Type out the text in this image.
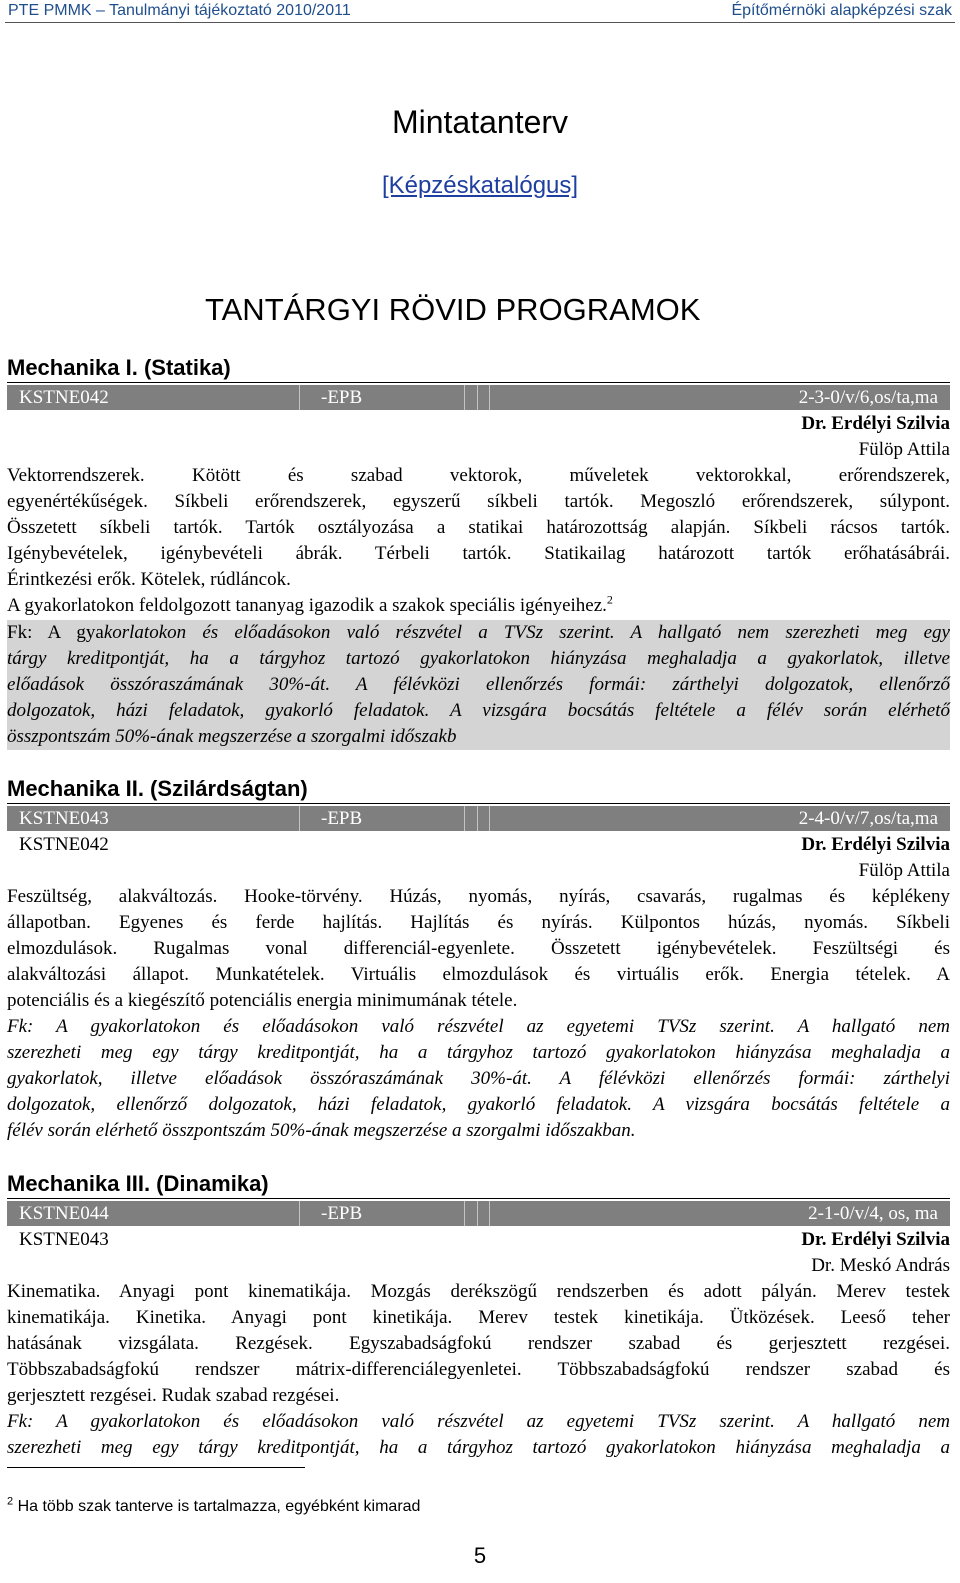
PTE PMMK – Tanulmányi tájékoztató 2010/2011	Építőmérnöki alapképzési szak
Mintatanterv
[Képzéskatalógus]
TANTÁRGYI RÖVID PROGRAMOK
Mechanika I. (Statika)
KSTNE042	-EPB	2-3-0/v/6,os/ta,ma
Dr. Erdélyi Szilvia
Fülöp Attila
Vektorrendszerek. Kötött és szabad vektorok, műveletek vektorokkal, erőrendszerek,
egyenértékűségek. Síkbeli erőrendszerek, egyszerű síkbeli tartók. Megoszló erőrendszerek, súlypont.
Összetett síkbeli tartók. Tartók osztályozása a statikai határozottság alapján. Síkbeli rácsos tartók.
Igénybevételek, igénybevételi ábrák. Térbeli tartók. Statikailag határozott tartók erőhatásábrái.
Érintkezési erők. Kötelek, rúdláncok.
A gyakorlatokon feldolgozott tananyag igazodik a szakok speciális igényeihez.$^2$
Fk: A gyakorlatokon és előadásokon való részvétel a TVSz szerint. A hallgató nem szerezheti meg egy
tárgy kreditpontját, ha a tárgyhoz tartozó gyakorlatokon hiányzása meghaladja a gyakorlatok, illetve
előadások összóraszámának 30%-át. A félévközi ellenőrzés formái: zárthelyi dolgozatok, ellenőrző
dolgozatok, házi feladatok, gyakorló feladatok. A vizsgára bocsátás feltétele a félév során elérhető
összpontszám 50%-ának megszerzése a szorgalmi időszakb
Mechanika II. (Szilárdságtan)
KSTNE043	-EPB	2-4-0/v/7,os/ta,ma
KSTNE042	Dr. Erdélyi Szilvia
Fülöp Attila
Feszültség, alakváltozás. Hooke-törvény. Húzás, nyomás, nyírás, csavarás, rugalmas és képlékeny
állapotban. Egyenes és ferde hajlítás. Hajlítás és nyírás. Külpontos húzás, nyomás. Síkbeli
elmozdulások. Rugalmas vonal differenciál-egyenlete. Összetett igénybevételek. Feszültségi és
alakváltozási állapot. Munkatételek. Virtuális elmozdulások és virtuális erők. Energia tételek. A
potenciális és a kiegészítő potenciális energia minimumának tétele.
Fk: A gyakorlatokon és előadásokon való részvétel az egyetemi TVSz szerint. A hallgató nem
szerezheti meg egy tárgy kreditpontját, ha a tárgyhoz tartozó gyakorlatokon hiányzása meghaladja a
gyakorlatok, illetve előadások összóraszámának 30%-át. A félévközi ellenőrzés formái: zárthelyi
dolgozatok, ellenőrző dolgozatok, házi feladatok, gyakorló feladatok. A vizsgára bocsátás feltétele a
félév során elérhető összpontszám 50%-ának megszerzése a szorgalmi időszakban.
Mechanika III. (Dinamika)
KSTNE044	-EPB	2-1-0/v/4, os, ma
KSTNE043	Dr. Erdélyi Szilvia
Dr. Meskó András
Kinematika. Anyagi pont kinematikája. Mozgás derékszögű rendszerben és adott pályán. Merev testek
kinematikája. Kinetika. Anyagi pont kinetikája. Merev testek kinetikája. Ütközések. Leeső teher
hatásának vizsgálata. Rezgések. Egyszabadságfokú rendszer szabad és gerjesztett rezgései.
Többszabadságfokú rendszer mátrix-differenciálegyenletei. Többszabadságfokú rendszer szabad és
gerjesztett rezgései. Rudak szabad rezgései.
Fk: A gyakorlatokon és előadásokon való részvétel az egyetemi TVSz szerint. A hallgató nem
szerezheti meg egy tárgy kreditpontját, ha a tárgyhoz tartozó gyakorlatokon hiányzása meghaladja a
$^2$ Ha több szak tanterve is tartalmazza, egyébként kimarad
5
